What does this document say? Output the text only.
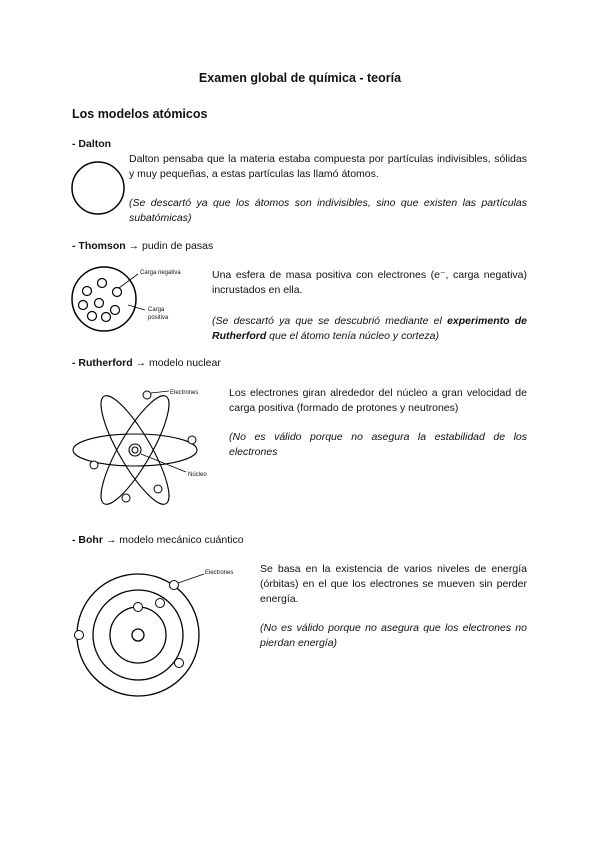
Examen global de química - teoría
Los modelos atómicos
- Dalton
Dalton pensaba que la materia estaba compuesta por partículas indivisibles, sólidas y muy pequeñas, a estas partículas las llamó átomos.
(Se descartó ya que los átomos son indivisibles, sino que existen las partículas subatómicas)
- Thomson → pudin de pasas
Carga negativa
Carga
positiva
Una esfera de masa positiva con electrones (e⁻, carga negativa) incrustados en ella.
(Se descartó ya que se descubrió mediante el experimento de Rutherford que el átomo tenía núcleo y corteza)
- Rutherford → modelo nuclear
Electrones
Núcleo
Los electrones giran alrededor del núcleo a gran velocidad de carga positiva (formado de protones y neutrones)
(No es válido porque no asegura la estabilidad de los electrones
- Bohr → modelo mecánico cuántico
Electrones	Se basa en la existencia de varios niveles de energía (órbitas) en el que los electrones se mueven sin perder energía.
(No es válido porque no asegura que los electrones no pierdan energía)
